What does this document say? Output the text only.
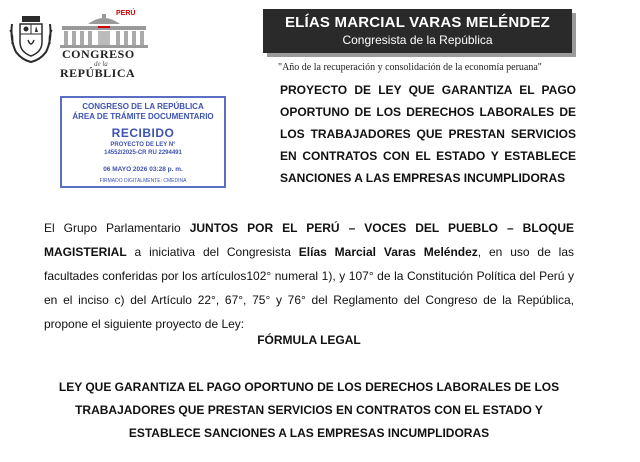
PERÚ
CONGRESO
de la
REPÚBLICA
ELÍAS MARCIAL VARAS MELÉNDEZ
Congresista de la República
"Año de la recuperación y consolidación de la economía peruana"
CONGRESO DE LA REPÚBLICA
ÁREA DE TRÁMITE DOCUMENTARIO
RECIBIDO
PROYECTO DE LEY N°
14552/2025-CR RU 2294491
06 MAYO 2026 03:28 p. m.
FIRMADO DIGITALMENTE: CMEDINA
PROYECTO DE LEY QUE GARANTIZA EL PAGO OPORTUNO DE LOS DERECHOS LABORALES DE LOS TRABAJADORES QUE PRESTAN SERVICIOS EN CONTRATOS CON EL ESTADO Y ESTABLECE SANCIONES A LAS EMPRESAS INCUMPLIDORAS
El Grupo Parlamentario JUNTOS POR EL PERÚ – VOCES DEL PUEBLO – BLOQUE MAGISTERIAL a iniciativa del Congresista Elías Marcial Varas Meléndez, en uso de las facultades conferidas por los artículos102° numeral 1), y 107° de la Constitución Política del Perú y en el inciso c) del Artículo 22°, 67°, 75° y 76° del Reglamento del Congreso de la República, propone el siguiente proyecto de Ley:
FÓRMULA LEGAL
LEY QUE GARANTIZA EL PAGO OPORTUNO DE LOS DERECHOS LABORALES DE LOS TRABAJADORES QUE PRESTAN SERVICIOS EN CONTRATOS CON EL ESTADO Y ESTABLECE SANCIONES A LAS EMPRESAS INCUMPLIDORAS
